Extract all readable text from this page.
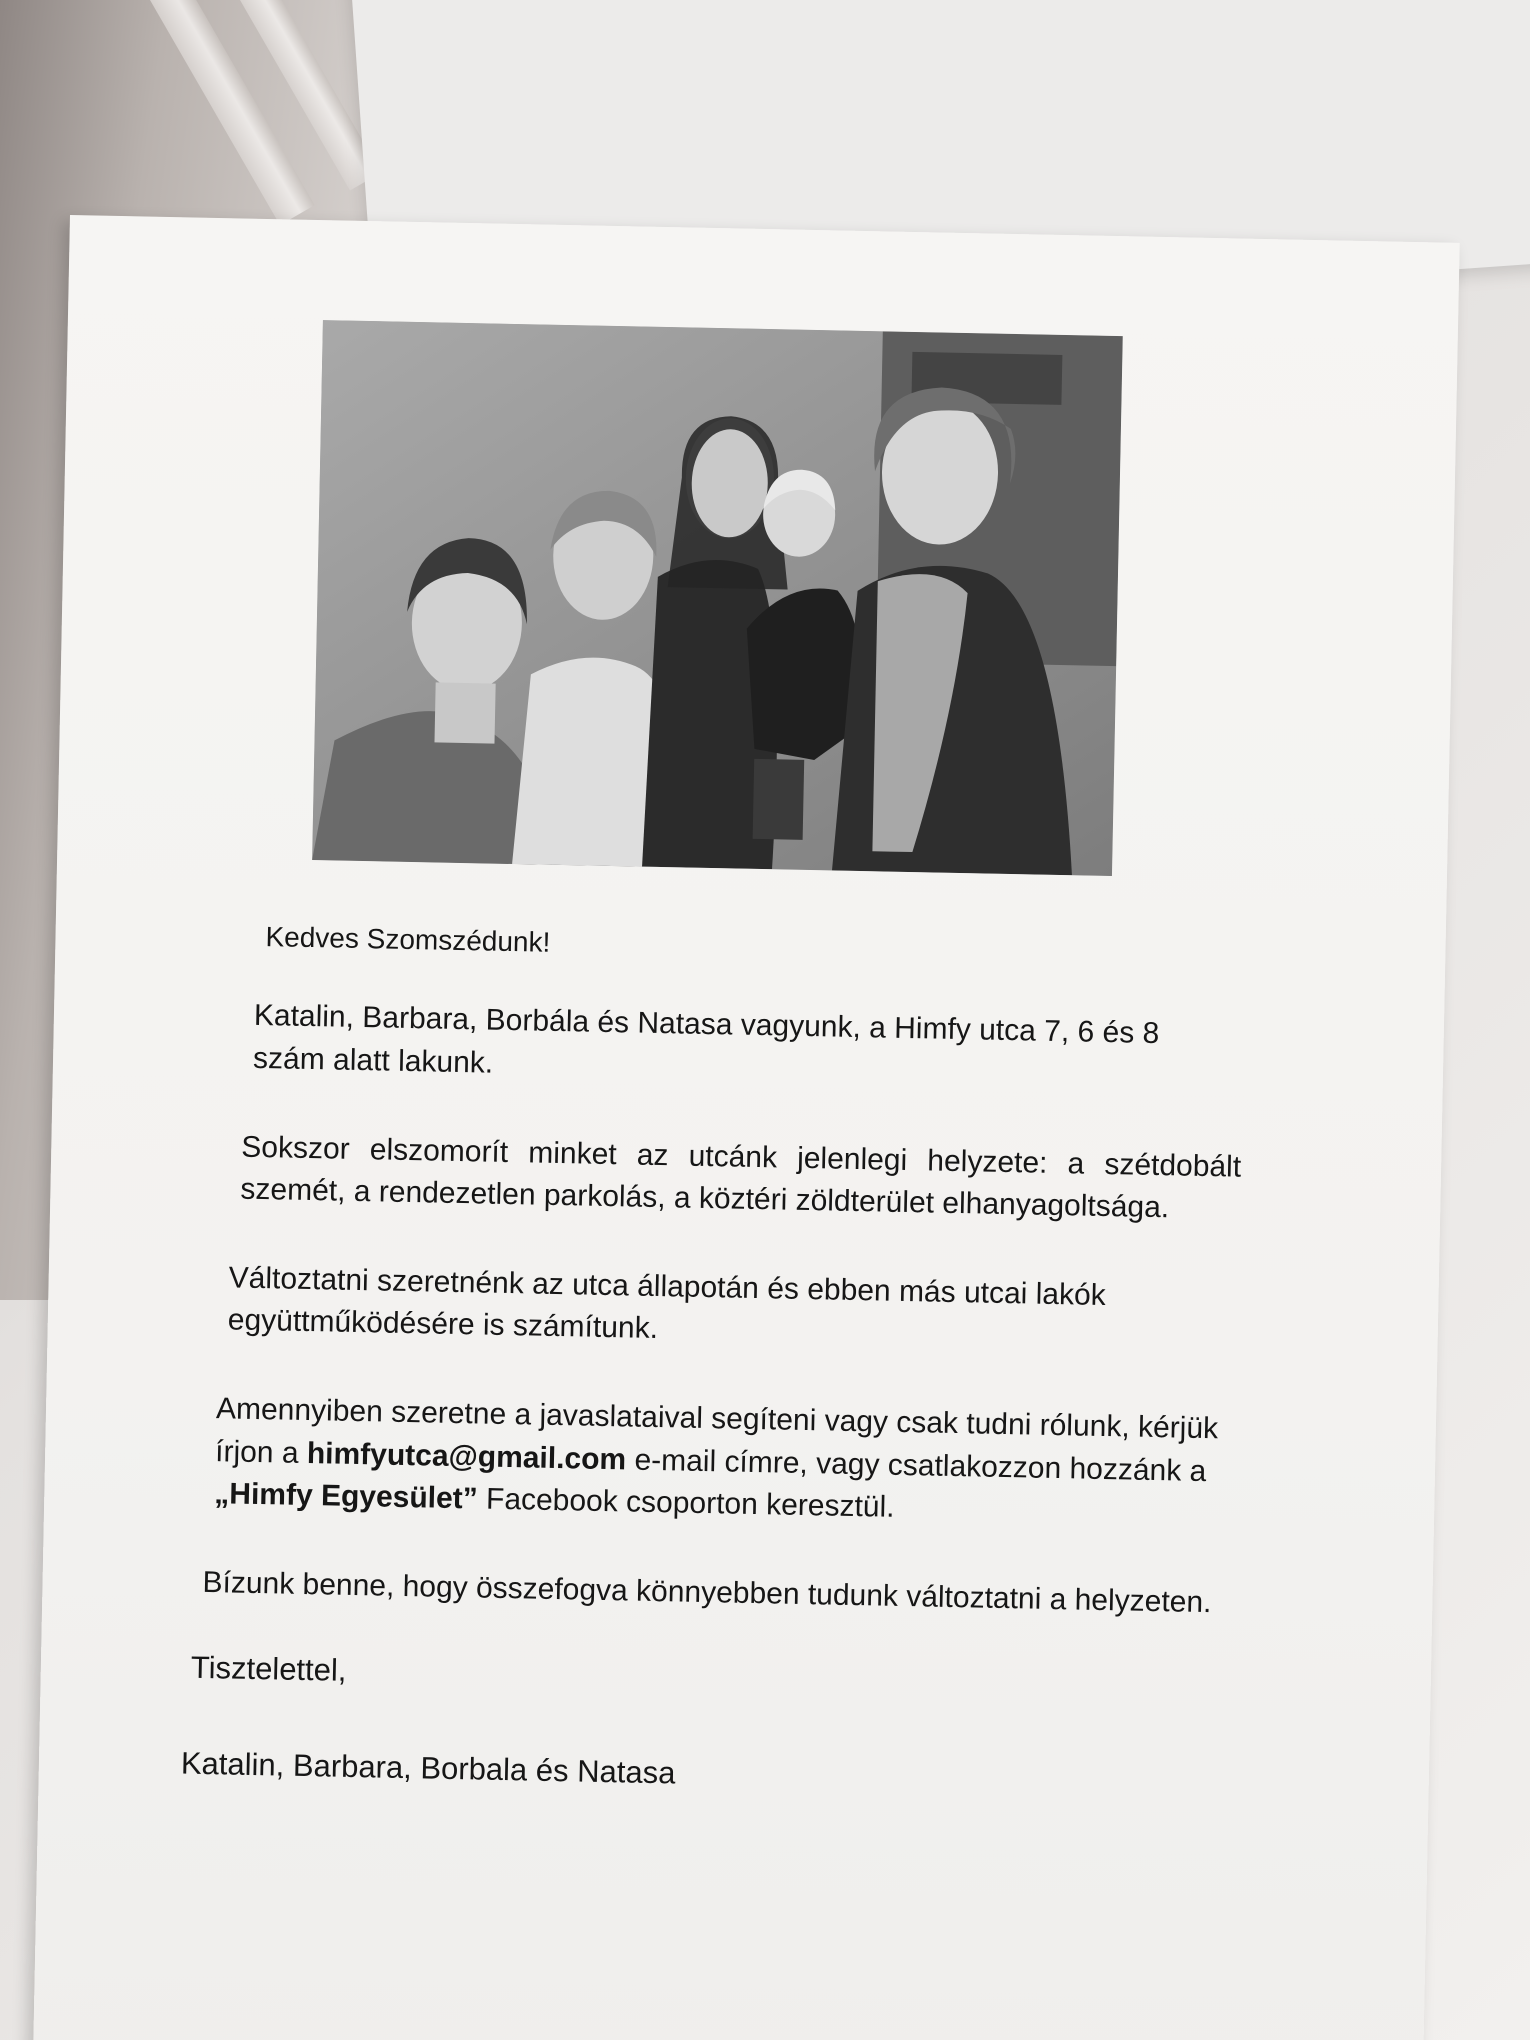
Kedves Szomszédunk!
Katalin, Barbara, Borbála és Natasa vagyunk, a Himfy utca 7, 6 és 8 szám alatt lakunk.
Sokszor elszomorít minket az utcánk jelenlegi helyzete: a szétdobált szemét, a rendezetlen parkolás, a köztéri zöldterület elhanyagoltsága.
Változtatni szeretnénk az utca állapotán és ebben más utcai lakók együttműködésére is számítunk.
Amennyiben szeretne a javaslataival segíteni vagy csak tudni rólunk, kérjük írjon a himfyutca@gmail.com e-mail címre, vagy csatlakozzon hozzánk a „Himfy Egyesület” Facebook csoporton keresztül.
Bízunk benne, hogy összefogva könnyebben tudunk változtatni a helyzeten.
Tisztelettel,
Katalin, Barbara, Borbala és Natasa
